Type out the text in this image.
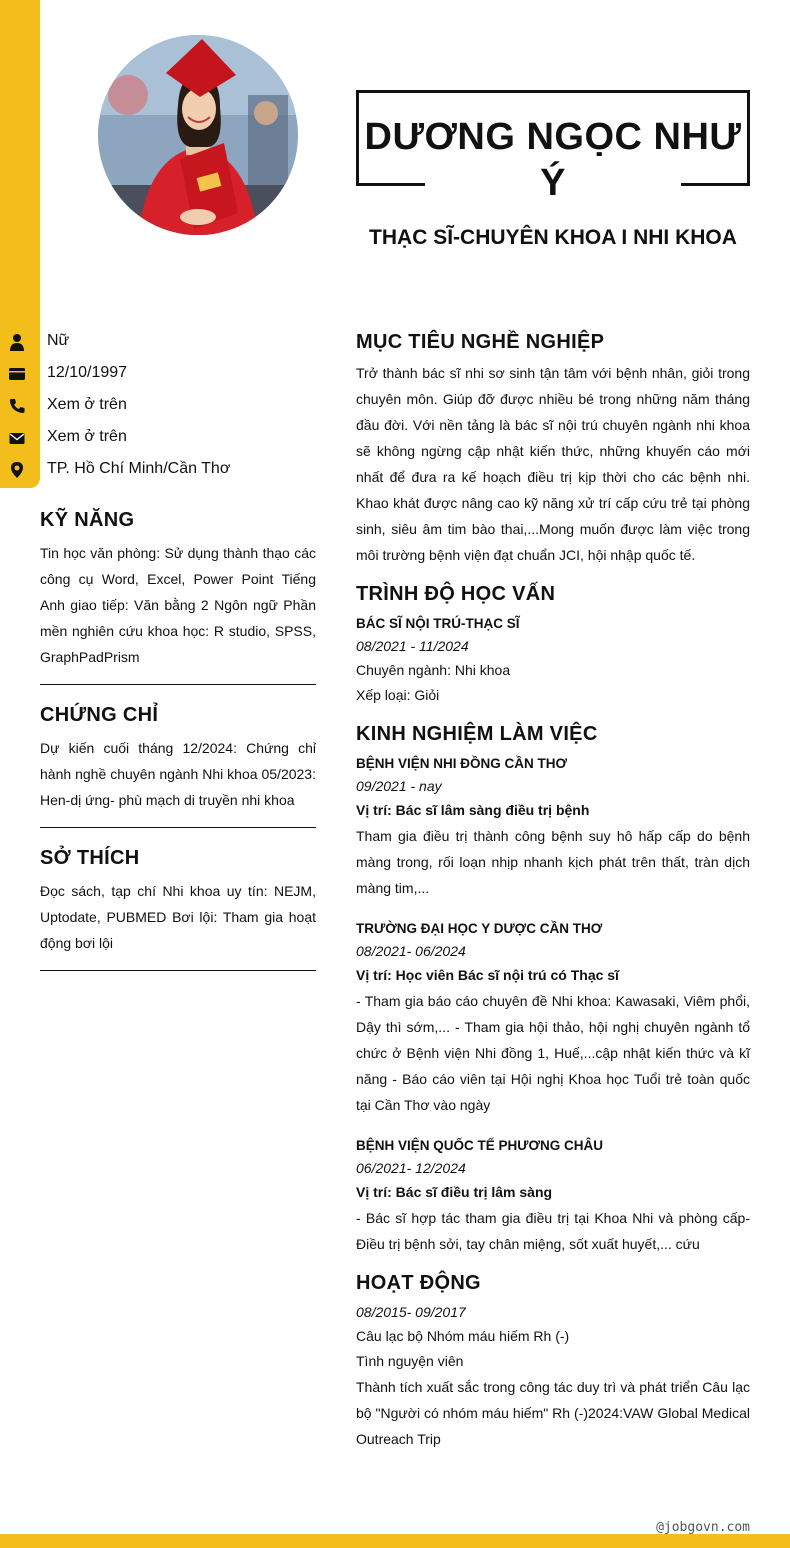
@jobgovn.com
DƯƠNG NGỌC NHƯ Ý
THẠC SĨ-CHUYÊN KHOA I NHI KHOA
Nữ
12/10/1997
Xem ở trên
Xem ở trên
TP. Hồ Chí Minh/Cần Thơ
KỸ NĂNG
Tin học văn phòng: Sử dụng thành thạo các công cụ Word, Excel, Power Point Tiếng Anh giao tiếp: Văn bằng 2 Ngôn ngữ Phần mền nghiên cứu khoa học: R studio, SPSS, GraphPadPrism
CHỨNG CHỈ
Dự kiến cuối tháng 12/2024: Chứng chỉ hành nghề chuyên ngành Nhi khoa 05/2023: Hen-dị ứng- phù mạch di truyền nhi khoa
SỞ THÍCH
Đọc sách, tạp chí Nhi khoa uy tín: NEJM, Uptodate, PUBMED Bơi lội: Tham gia hoạt động bơi lội
MỤC TIÊU NGHỀ NGHIỆP
Trở thành bác sĩ nhi sơ sinh tận tâm với bệnh nhân, giỏi trong chuyên môn. Giúp đỡ được nhiều bé trong những năm tháng đầu đời. Với nền tảng là bác sĩ nội trú chuyên ngành nhi khoa sẽ không ngừng cập nhật kiến thức, những khuyến cáo mới nhất để đưa ra kế hoạch điều trị kịp thời cho các bệnh nhi. Khao khát được nâng cao kỹ năng xử trí cấp cứu trẻ tại phòng sinh, siêu âm tim bào thai,...Mong muốn được làm việc trong môi trường bệnh viện đạt chuẩn JCI, hội nhập quốc tế.
TRÌNH ĐỘ HỌC VẤN
BÁC SĨ NỘI TRÚ-THẠC SĨ
08/2021 - 11/2024
Chuyên ngành: Nhi khoa
Xếp loại: Giỏi
KINH NGHIỆM LÀM VIỆC
BỆNH VIỆN NHI ĐỒNG CẦN THƠ
09/2021 - nay
Vị trí: Bác sĩ lâm sàng điều trị bệnh
Tham gia điều trị thành công bệnh suy hô hấp cấp do bệnh màng trong, rối loạn nhịp nhanh kịch phát trên thất, tràn dịch màng tim,...
TRƯỜNG ĐẠI HỌC Y DƯỢC CẦN THƠ
08/2021- 06/2024
Vị trí: Học viên Bác sĩ nội trú có Thạc sĩ
- Tham gia báo cáo chuyên đề Nhi khoa: Kawasaki, Viêm phổi, Dậy thì sớm,... - Tham gia hội thảo, hội nghị chuyên ngành tổ chức ở Bệnh viện Nhi đồng 1, Huế,...cập nhật kiến thức và kĩ năng - Báo cáo viên tại Hội nghị Khoa học Tuổi trẻ toàn quốc tại Cần Thơ vào ngày
BỆNH VIỆN QUỐC TẾ PHƯƠNG CHÂU
06/2021- 12/2024
Vị trí: Bác sĩ điều trị lâm sàng
- Bác sĩ hợp tác tham gia điều trị tại Khoa Nhi và phòng cấp- Điều trị bệnh sởi, tay chân miệng, sốt xuất huyết,... cứu
HOẠT ĐỘNG
08/2015- 09/2017
Câu lạc bộ Nhóm máu hiếm Rh (-)
Tình nguyện viên
Thành tích xuất sắc trong công tác duy trì và phát triển Câu lạc bộ "Người có nhóm máu hiếm" Rh (-)2024:VAW Global Medical Outreach Trip
